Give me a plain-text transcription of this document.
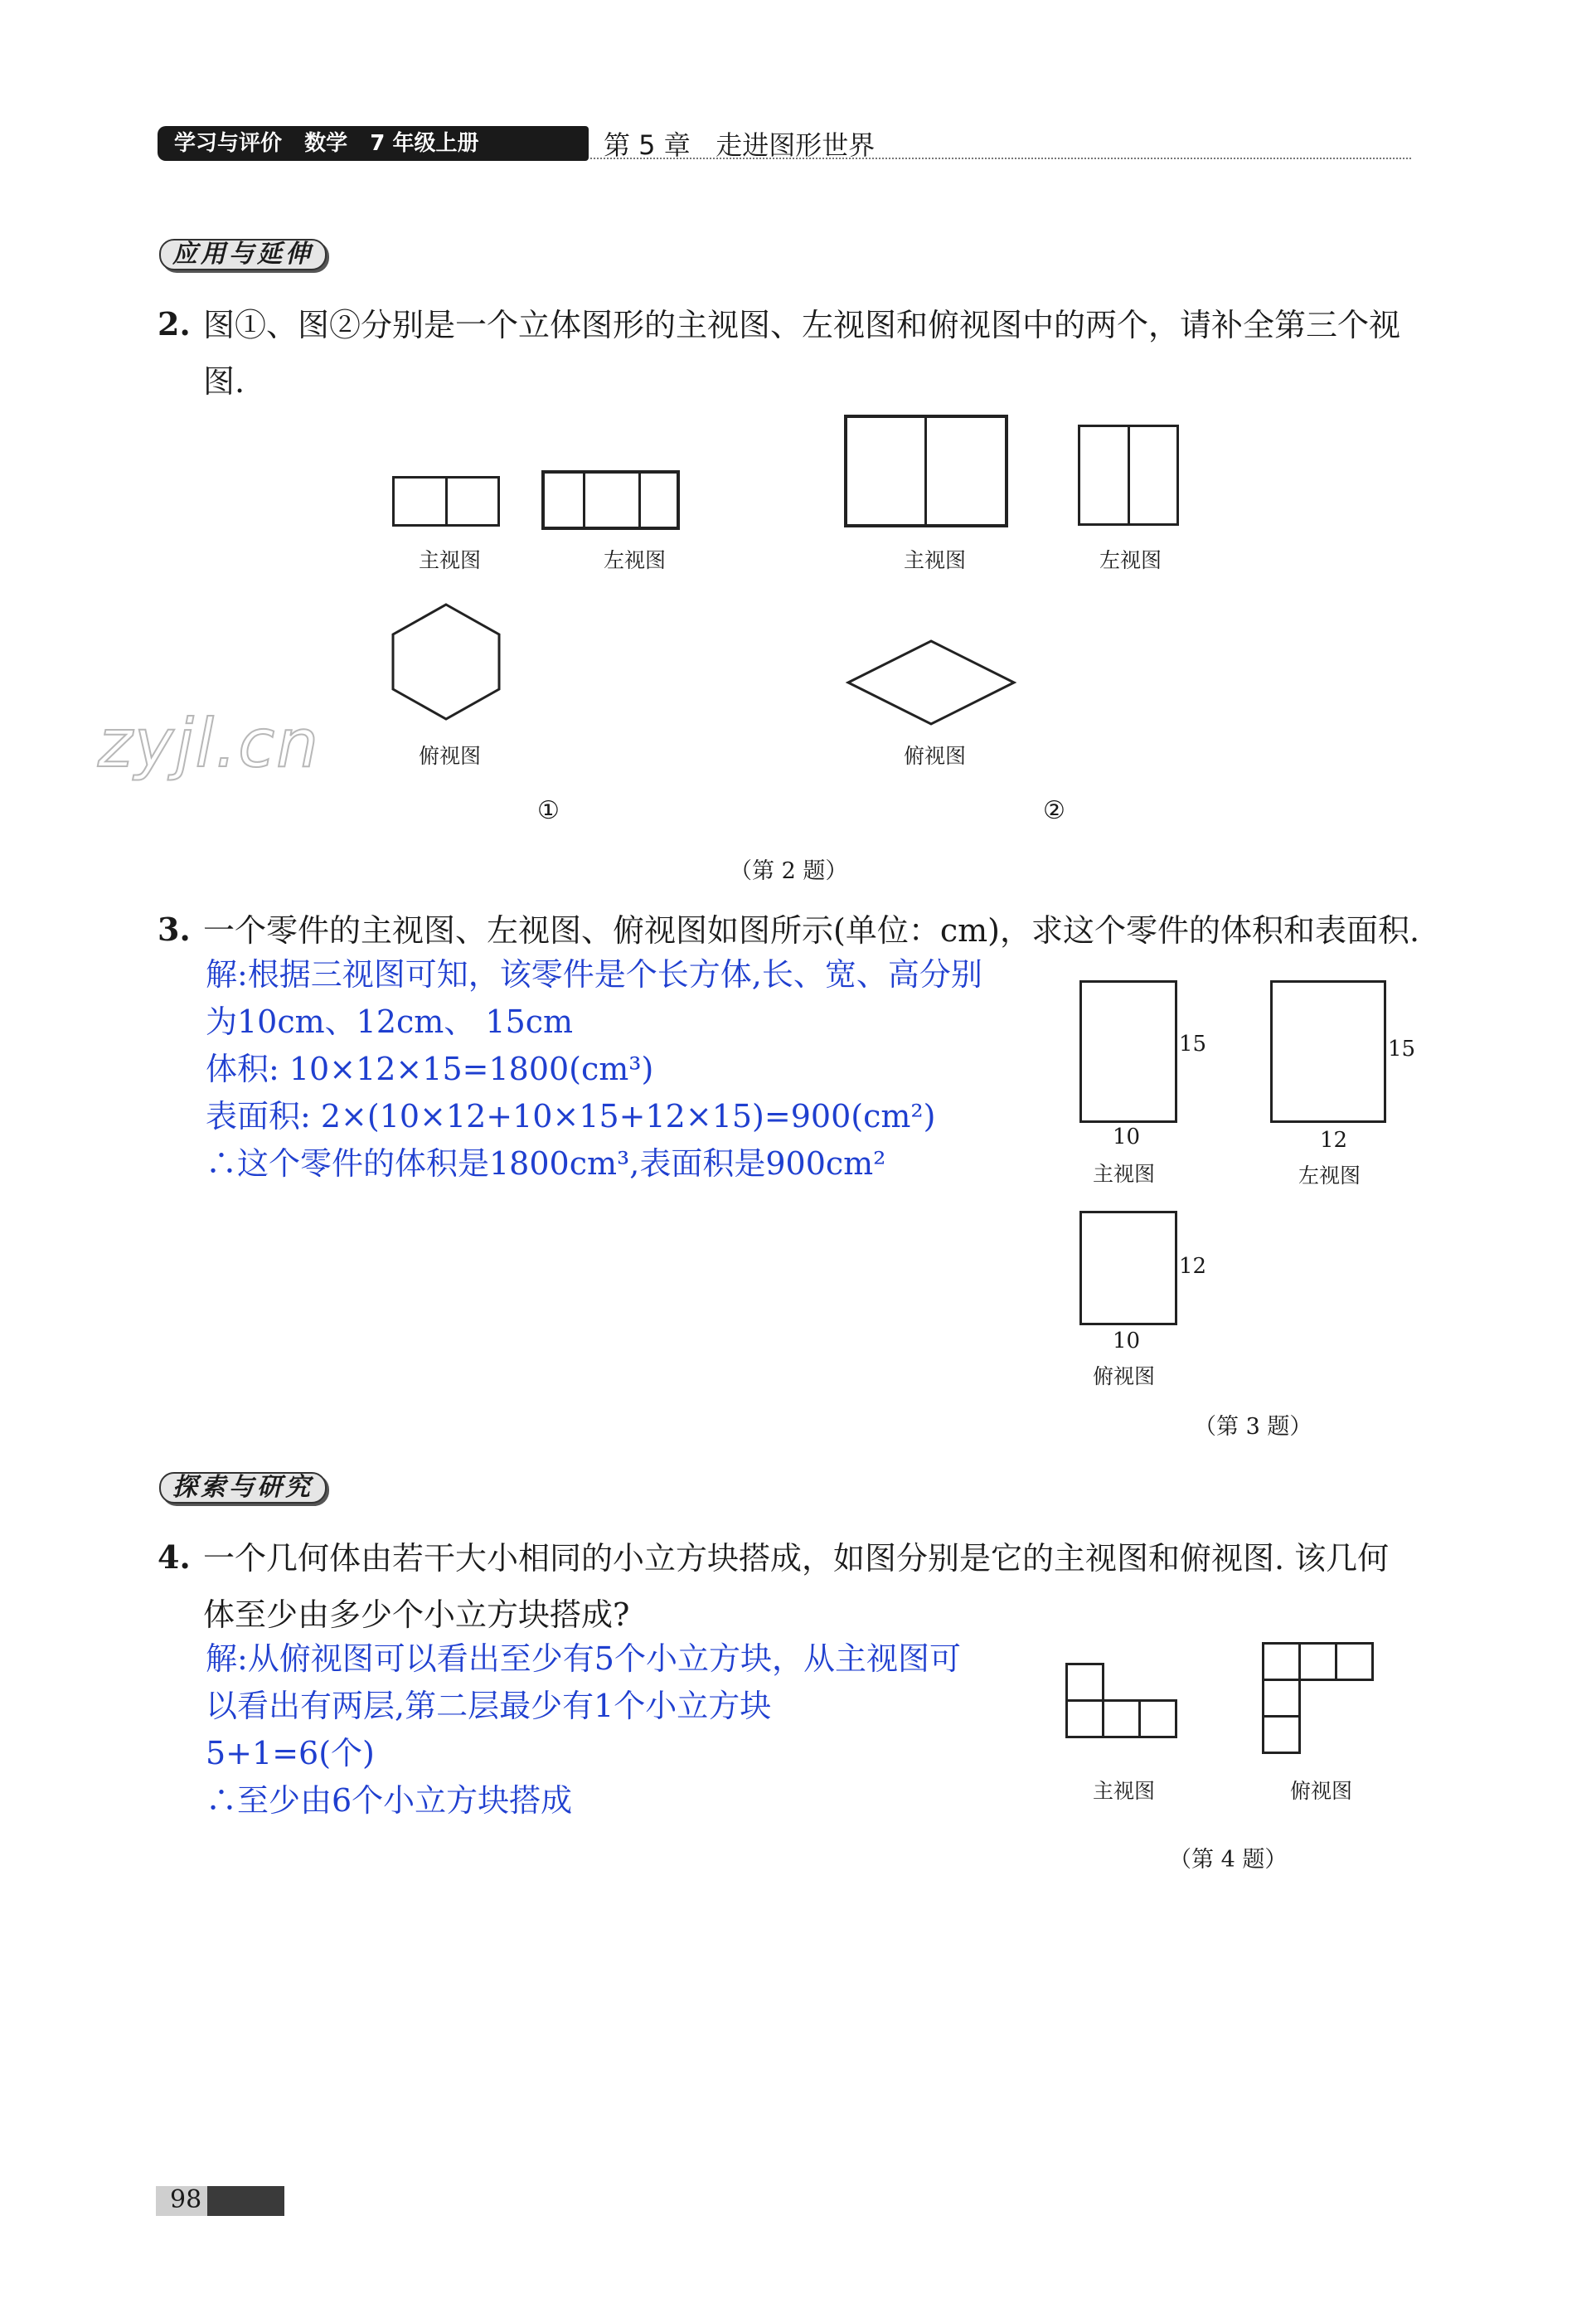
学习与评价   数学   7 年级上册	第 5 章   走进图形世界
zyjl.cn
应用与延伸
2. 图①、图②分别是一个立体图形的主视图、左视图和俯视图中的两个，请补全第三个视图.
主视图	左视图
俯视图
①
主视图	左视图
俯视图
②
（第 2 题）
3. 一个零件的主视图、左视图、俯视图如图所示(单位：cm)，求这个零件的体积和表面积.
解:根据三视图可知，该零件是个长方体,长、宽、高分别
为10cm、12cm、 15cm
体积: 10×12×15=1800(cm³)
表面积: 2×(10×12+10×15+12×15)=900(cm²)
∴这个零件的体积是1800cm³,表面积是900cm²
15
10
主视图
15
12
左视图
12
10
俯视图
（第 3 题）
探索与研究
4. 一个几何体由若干大小相同的小立方块搭成，如图分别是它的主视图和俯视图. 该几何体至少由多少个小立方块搭成?
解:从俯视图可以看出至少有5个小立方块，从主视图可
以看出有两层,第二层最少有1个小立方块
5+1=6(个)
∴至少由6个小立方块搭成	主视图	俯视图
（第 4 题）
98
